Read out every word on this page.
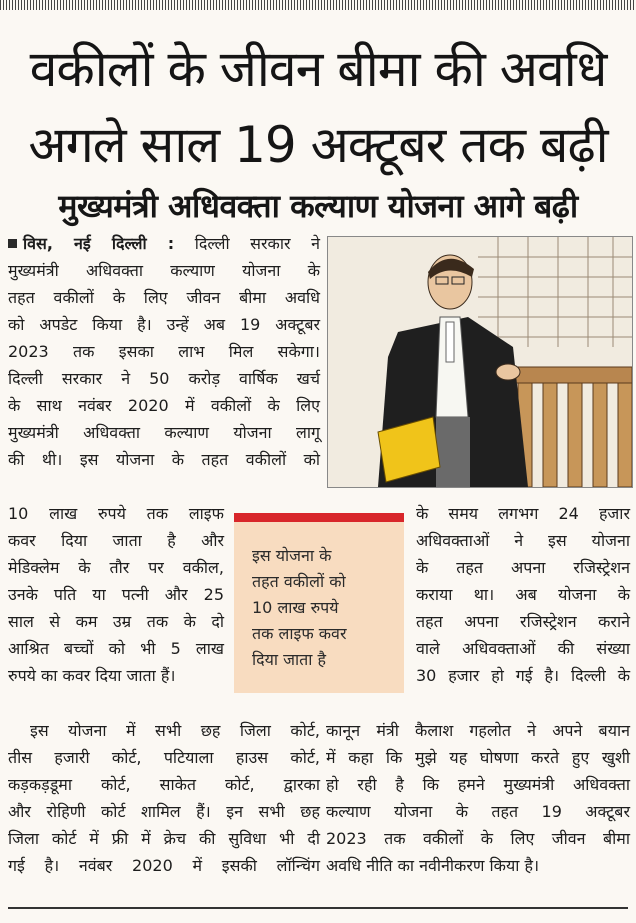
वकीलों के जीवन बीमा की अवधि
अगले साल 19 अक्टूबर तक बढ़ी
मुख्यमंत्री अधिवक्ता कल्याण योजना आगे बढ़ी
विस, नई दिल्ली : दिल्ली सरकार ने
मुख्यमंत्री अधिवक्ता कल्याण योजना के
तहत वकीलों के लिए जीवन बीमा अवधि
को अपडेट किया है। उन्हें अब 19 अक्टूबर
2023 तक इसका लाभ मिल सकेगा।
दिल्ली सरकार ने 50 करोड़ वार्षिक खर्च
के साथ नवंबर 2020 में वकीलों के लिए
मुख्यमंत्री अधिवक्ता कल्याण योजना लागू
की थी। इस योजना के तहत वकीलों को
10 लाख रुपये तक लाइफ
कवर दिया जाता है और
मेडिक्लेम के तौर पर वकील,
उनके पति या पत्नी और 25
साल से कम उम्र तक के दो
आश्रित बच्चों को भी 5 लाख
रुपये का कवर दिया जाता हैं।
इस योजना के
तहत वकीलों को
10 लाख रुपये
तक लाइफ कवर
दिया जाता है
के समय लगभग 24 हजार
अधिवक्ताओं ने इस योजना
के तहत अपना रजिस्ट्रेशन
कराया था। अब योजना के
तहत अपना रजिस्ट्रेशन कराने
वाले अधिवक्ताओं की संख्या
30 हजार हो गई है। दिल्ली के
इस योजना में सभी छह जिला कोर्ट,
तीस हजारी कोर्ट, पटियाला हाउस कोर्ट,
कड़कड़डूमा कोर्ट, साकेत कोर्ट, द्वारका
और रोहिणी कोर्ट शामिल हैं। इन सभी छह
जिला कोर्ट में फ्री में क्रेच की सुविधा भी दी
गई है। नवंबर 2020 में इसकी लॉन्चिंग
कानून मंत्री कैलाश गहलोत ने अपने बयान
में कहा कि मुझे यह घोषणा करते हुए खुशी
हो रही है कि हमने मुख्यमंत्री अधिवक्ता
कल्याण योजना के तहत 19 अक्टूबर
2023 तक वकीलों के लिए जीवन बीमा
अवधि नीति का नवीनीकरण किया है।
